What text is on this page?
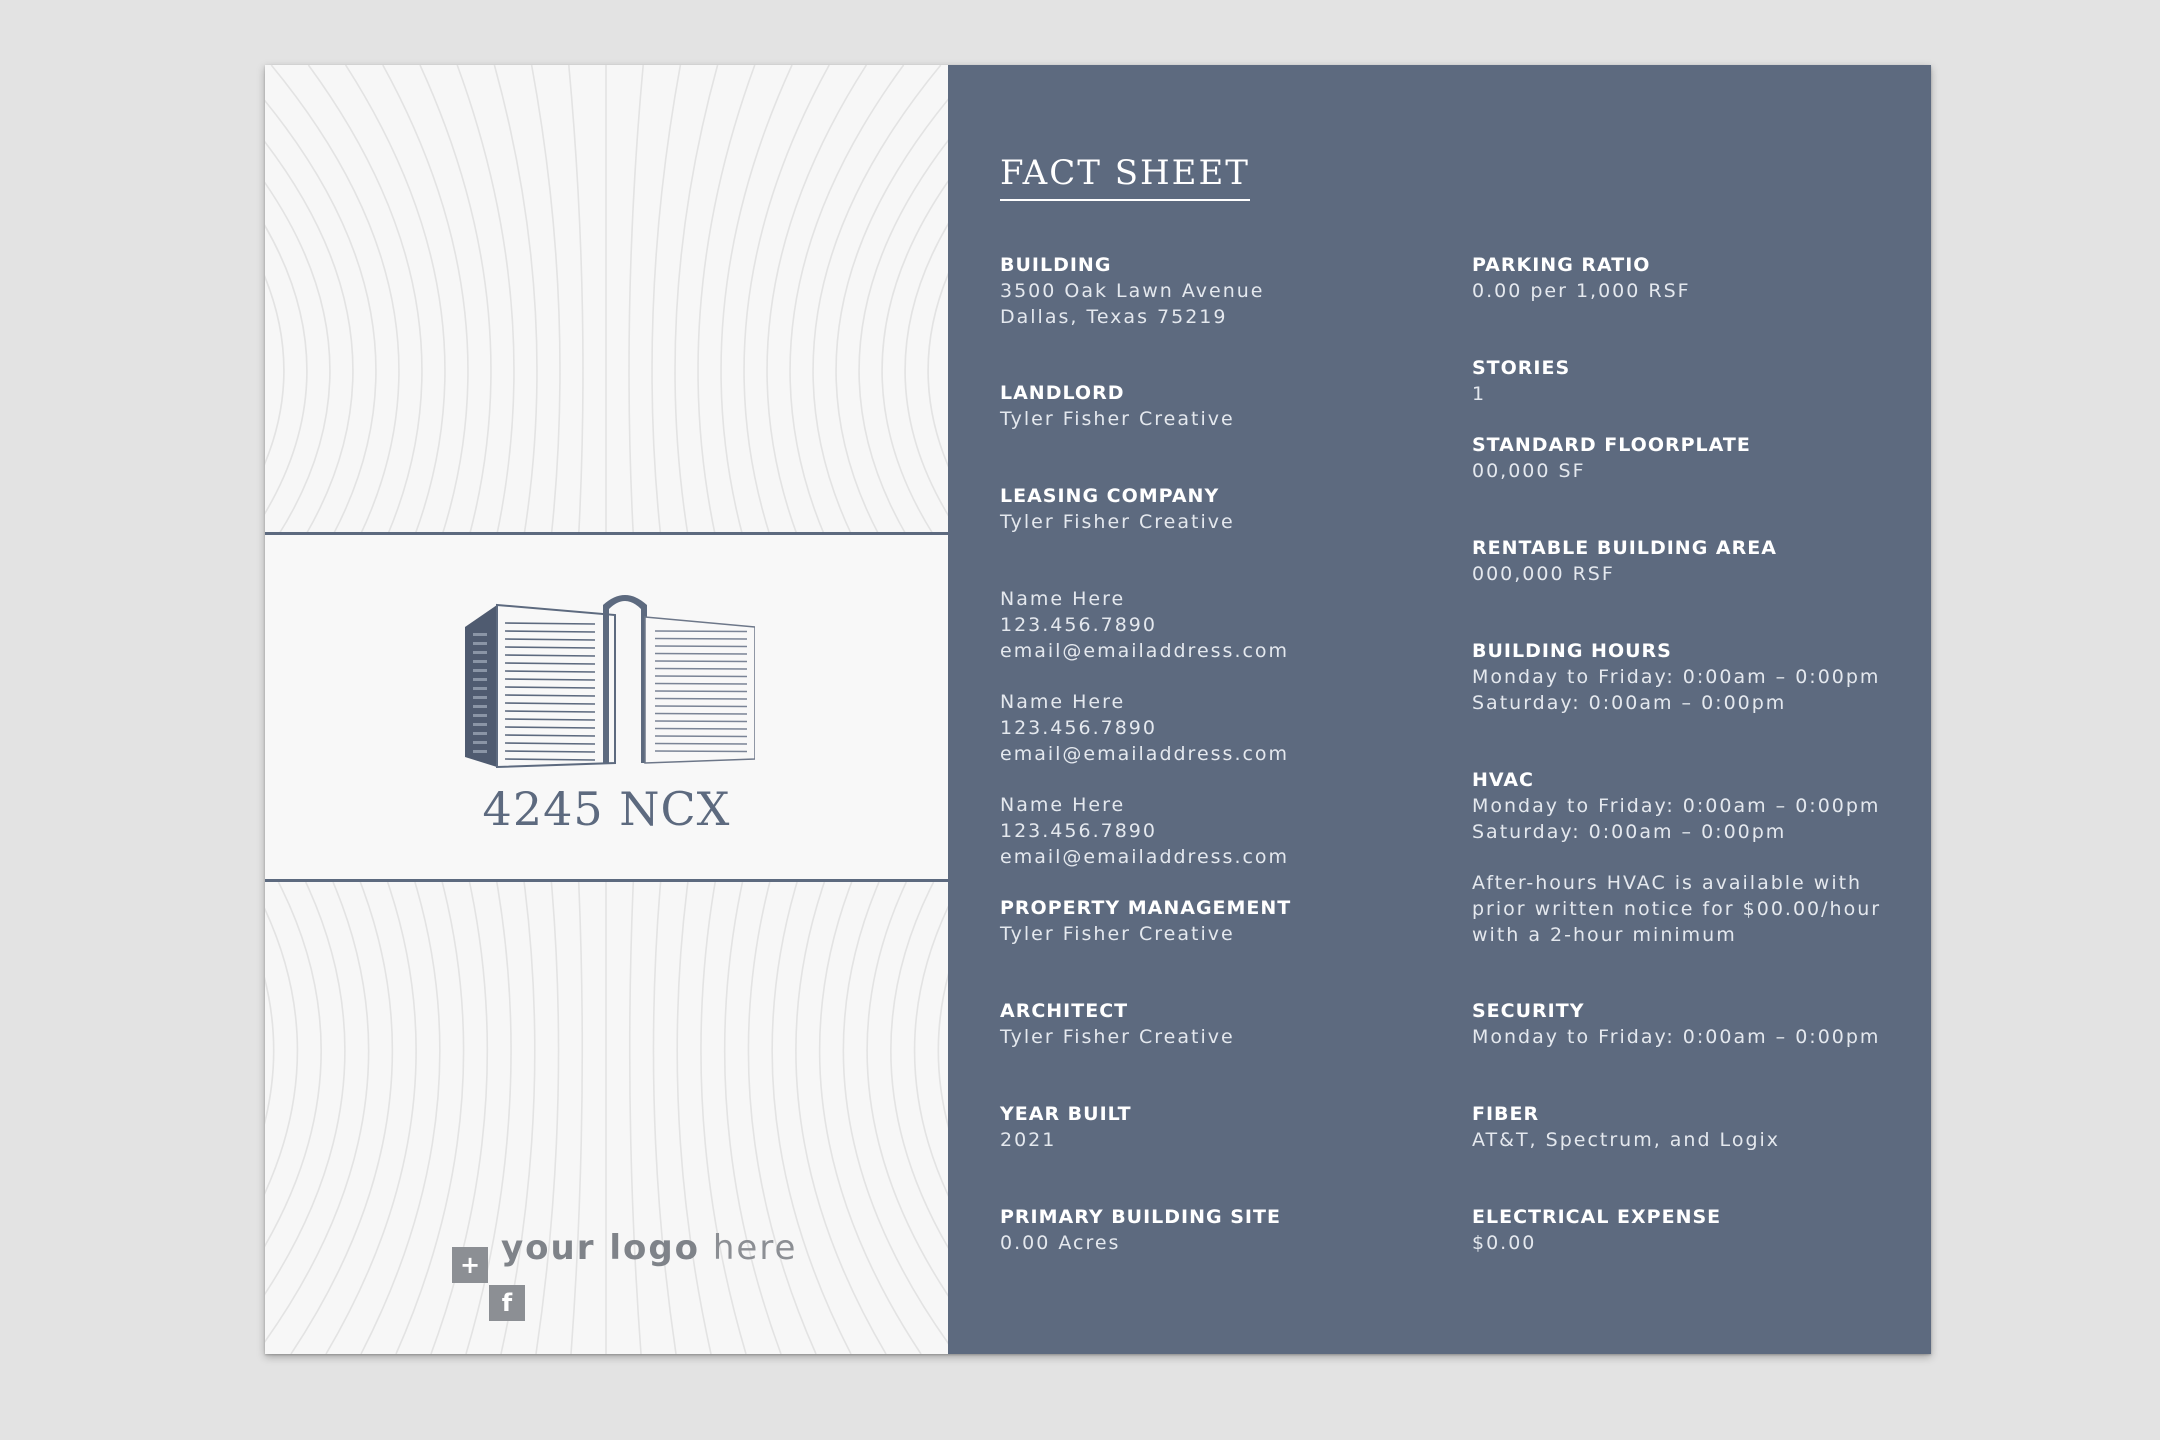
4245 NCX
+
f
your logo here
FACT SHEET
BUILDING
3500 Oak Lawn Avenue
Dallas, Texas 75219
LANDLORD
Tyler Fisher Creative
LEASING COMPANY
Tyler Fisher Creative
Name Here
123.456.7890
email@emailaddress.com
Name Here
123.456.7890
email@emailaddress.com
Name Here
123.456.7890
email@emailaddress.com
PROPERTY MANAGEMENT
Tyler Fisher Creative
ARCHITECT
Tyler Fisher Creative
YEAR BUILT
2021
PRIMARY BUILDING SITE
0.00 Acres
PARKING RATIO
0.00 per 1,000 RSF
STORIES
1
STANDARD FLOORPLATE
00,000 SF
RENTABLE BUILDING AREA
000,000 RSF
BUILDING HOURS
Monday to Friday: 0:00am – 0:00pm
Saturday: 0:00am – 0:00pm
HVAC
Monday to Friday: 0:00am – 0:00pm
Saturday: 0:00am – 0:00pm
After-hours HVAC is available with
prior written notice for $00.00/hour
with a 2-hour minimum
SECURITY
Monday to Friday: 0:00am – 0:00pm
FIBER
AT&T, Spectrum, and Logix
ELECTRICAL EXPENSE
$0.00
